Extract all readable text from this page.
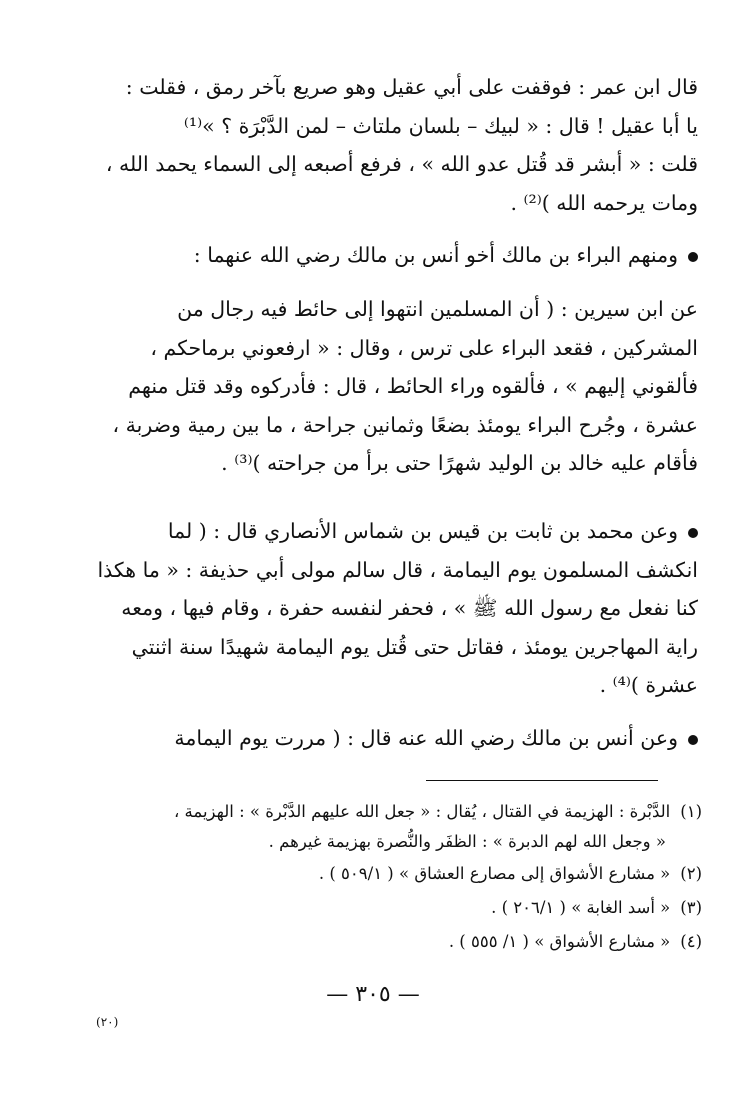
قال ابن عمر : فوقفت على أبي عقيل وهو صريع بآخر رمق ، فقلت :
يا أبا عقيل ! قال : « لبيك – بلسان ملتاث – لمن الدَّبْرَة ؟ »⁽¹⁾
قلت : « أبشر قد قُتل عدو الله » ، فرفع أصبعه إلى السماء يحمد الله ،
ومات يرحمه الله )⁽²⁾ .

ومنهم البراء بن مالك أخو أنس بن مالك رضي الله عنهما :

عن ابن سيرين : ( أن المسلمين انتهوا إلى حائط فيه رجال من
المشركين ، فقعد البراء على ترس ، وقال : « ارفعوني برماحكم ،
فألقوني إليهم » ، فألقوه وراء الحائط ، قال : فأدركوه وقد قتل منهم
عشرة ، وجُرح البراء يومئذ بضعًا وثمانين جراحة ، ما بين رمية وضربة ،
فأقام عليه خالد بن الوليد شهرًا حتى برأ من جراحته )⁽³⁾ .

وعن محمد بن ثابت بن قيس بن شماس الأنصاري قال : ( لما
انكشف المسلمون يوم اليمامة ، قال سالم مولى أبي حذيفة : « ما هكذا
كنا نفعل مع رسول الله ﷺ » ، فحفر لنفسه حفرة ، وقام فيها ، ومعه
راية المهاجرين يومئذ ، فقاتل حتى قُتل يوم اليمامة شهيدًا سنة اثنتي
عشرة )⁽⁴⁾ .

وعن أنس بن مالك رضي الله عنه قال : ( مررت يوم اليمامة

(١)الدَّبْرة : الهزيمة في القتال ، يُقال : « جعل الله عليهم الدَّبْرة » : الهزيمة ،
« وجعل الله لهم الدبرة » : الظفَر والنُّصرة بهزيمة غيرهم .
(٢)« مشارع الأشواق إلى مصارع العشاق » ( ٥٠٩/١ ) .
(٣)« أسد الغابة » ( ٢٠٦/١ ) .
(٤)« مشارع الأشواق » ( ١/ ٥٥٥ ) .
— ٣٠٥ —
(٢٠)
